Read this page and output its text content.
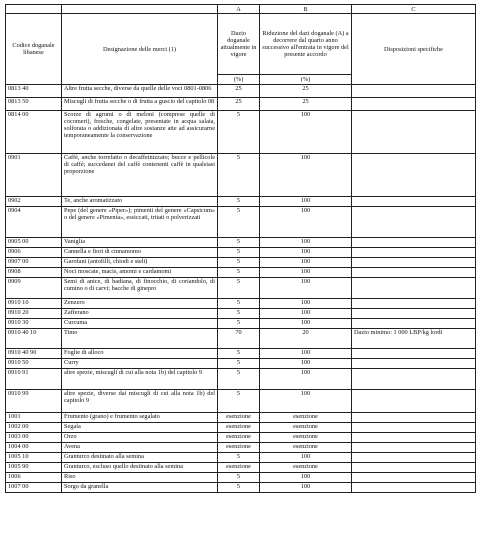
		A	B	C
Codice doganale libanese	Designazione delle merci (1)	Dazio doganale attualmente in vigore	Riduzione del dazi doganale (A) a decorrere dal quarto anno successivo all'entrata in vigore del presente accordo	Disposizioni specifiche
		(%)	(%)	
0813 40	Altre frutta secche, diverse da quelle delle voci 0801-0806	25	25	
0813 50	Miscugli di frutta secche o di frutta a guscio del capitolo 08	25	25	
0814 00	Scorze di agrumi o di meloni (comprese quelle di cocomeri), fresche, congelate, presentate in acqua salata, solforata o addizionata di altre sostanze atte ad assicurarne temporaneamente la conservazione	5	100	
0901	Caffè, anche torrefatto o decaffeinizzato; bucce e pellicole di caffè; succedanei del caffè contenenti caffè in qualsiasi proporzione	5	100	
0902	Te, anche aromatizzato	5	100	
0904	Pepe (del genere «Piper»); pimenti del genere «Capsicum» o del genere «Pimenta», essiccati, tritati o polverizzati	5	100	
0905 00	Vaniglia	5	100	
0906	Cannella e fiori di cinnamomo	5	100	
0907 00	Garofani (antofilli, chiodi e steli)	5	100	
0908	Noci moscate, macis, amomi e cardamomi	5	100	
0909	Semi di anice, di badiana, di finocchio, di coriandolo, di cumino o di carvi; bacche di ginepro	5	100	
0910 10	Zenzero	5	100	
0910 20	Zafferano	5	100	
0910 30	Curcuma	5	100	
0910 40 10	Timo	70	20	Dazio minimo: 1 000 LBP/kg lordi
0910 40 90	Foglie di alloco	5	100	
0910 50	Curry	5	100	
0910 91	altre spezie, miscugli di cui alla nota 1b) del capitolo 9	5	100	
0910 99	altre spezie, diverse dai miscugli di cui alla nota 1b) del capitolo 9	5	100	
1001	Frumento (grano) e frumento segalato	esenzione	esenzione	
1002 00	Segala	esenzione	esenzione	
1003 00	Orzo	esenzione	esenzione	
1004 00	Avena	esenzione	esenzione	
1005 10	Granturco destinato alla semina	5	100	
1005 90	Granturco, escluso quello destinato alla semina	esenzione	esenzione	
1006	Riso	5	100	
1007 00	Sorgo da granella	5	100	
